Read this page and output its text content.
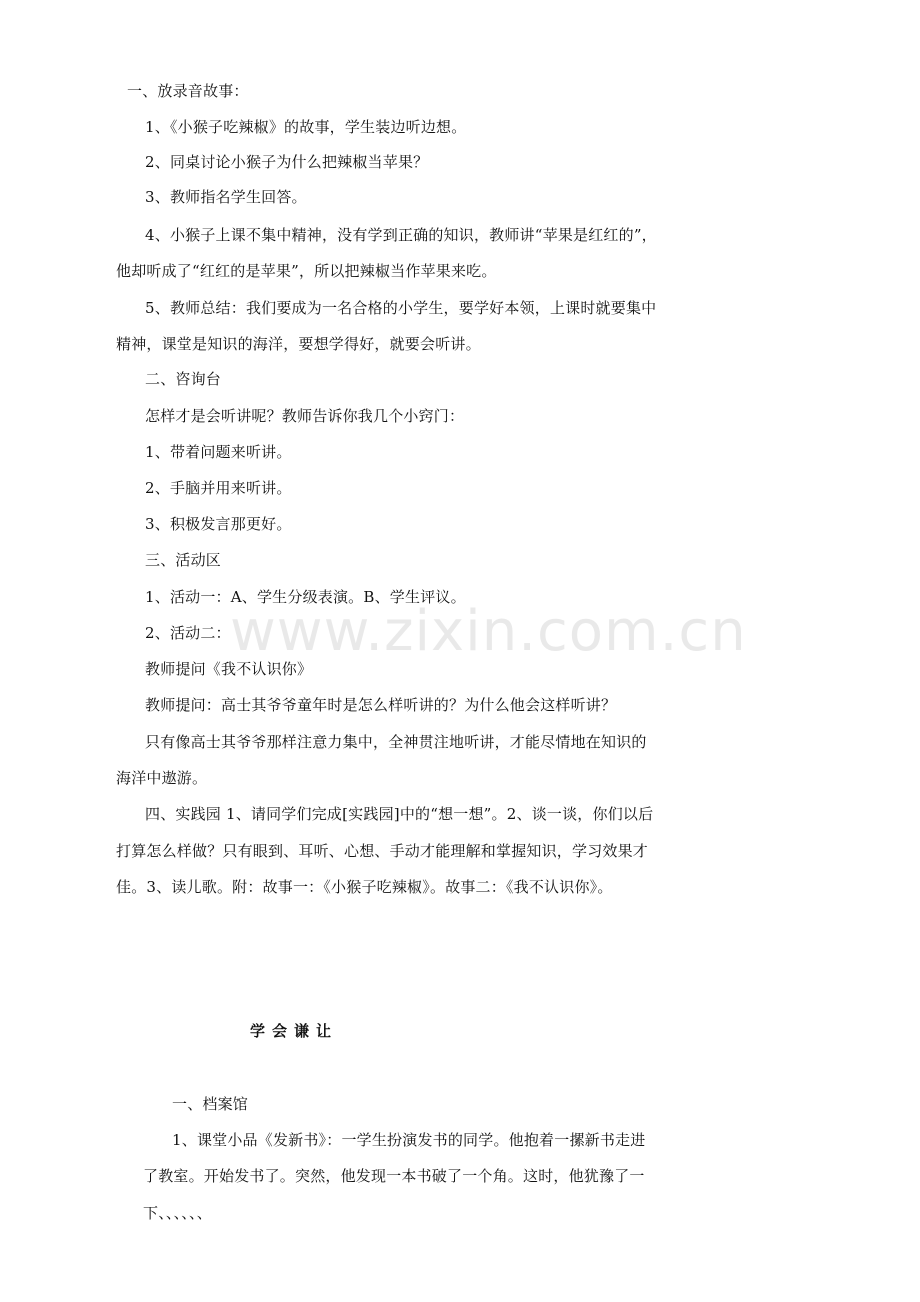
www.zixin.com.cn
一、放录音故事：
1、《小猴子吃辣椒》的故事，学生装边听边想。
2、同桌讨论小猴子为什么把辣椒当苹果？
3、教师指名学生回答。
4、小猴子上课不集中精神，没有学到正确的知识，教师讲“苹果是红红的”，
他却听成了“红红的是苹果”，所以把辣椒当作苹果来吃。
5、教师总结：我们要成为一名合格的小学生，要学好本领，上课时就要集中
精神，课堂是知识的海洋，要想学得好，就要会听讲。
二、咨询台
怎样才是会听讲呢？教师告诉你我几个小窍门：
1、带着问题来听讲。
2、手脑并用来听讲。
3、积极发言那更好。
三、活动区
1、活动一：A、学生分级表演。B、学生评议。
2、活动二：
教师提问《我不认识你》
教师提问：高士其爷爷童年时是怎么样听讲的？为什么他会这样听讲？
只有像高士其爷爷那样注意力集中，全神贯注地听讲，才能尽情地在知识的
海洋中遨游。
四、实践园 1、请同学们完成[实践园]中的“想一想”。2、谈一谈，你们以后
打算怎么样做？只有眼到、耳听、心想、手动才能理解和掌握知识，学习效果才
佳。3、读儿歌。附：故事一：《小猴子吃辣椒》。故事二：《我不认识你》。
学会谦让
一、档案馆
1、课堂小品《发新书》：一学生扮演发书的同学。他抱着一摞新书走进
了教室。开始发书了。突然，他发现一本书破了一个角。这时，他犹豫了一
下、、、、、、
